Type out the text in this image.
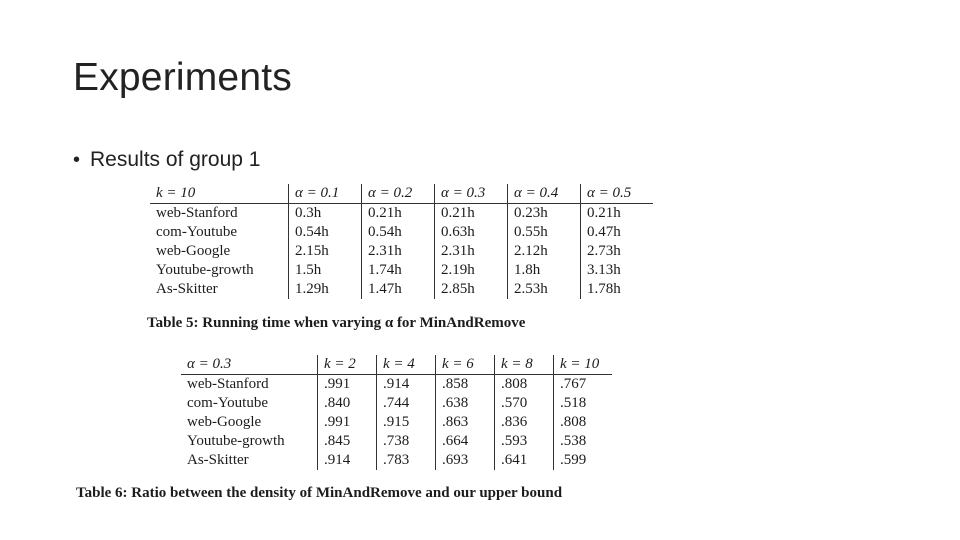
Experiments
• Results of group 1
k = 10	α = 0.1	α = 0.2	α = 0.3	α = 0.4	α = 0.5
web-Stanford	0.3h	0.21h	0.21h	0.23h	0.21h
com-Youtube	0.54h	0.54h	0.63h	0.55h	0.47h
web-Google	2.15h	2.31h	2.31h	2.12h	2.73h
Youtube-growth	1.5h	1.74h	2.19h	1.8h	3.13h
As-Skitter	1.29h	1.47h	2.85h	2.53h	1.78h
Table 5: Running time when varying α for MinAndRemove
α = 0.3	k = 2	k = 4	k = 6	k = 8	k = 10
web-Stanford	.991	.914	.858	.808	.767
com-Youtube	.840	.744	.638	.570	.518
web-Google	.991	.915	.863	.836	.808
Youtube-growth	.845	.738	.664	.593	.538
As-Skitter	.914	.783	.693	.641	.599
Table 6: Ratio between the density of MinAndRemove and our upper bound
